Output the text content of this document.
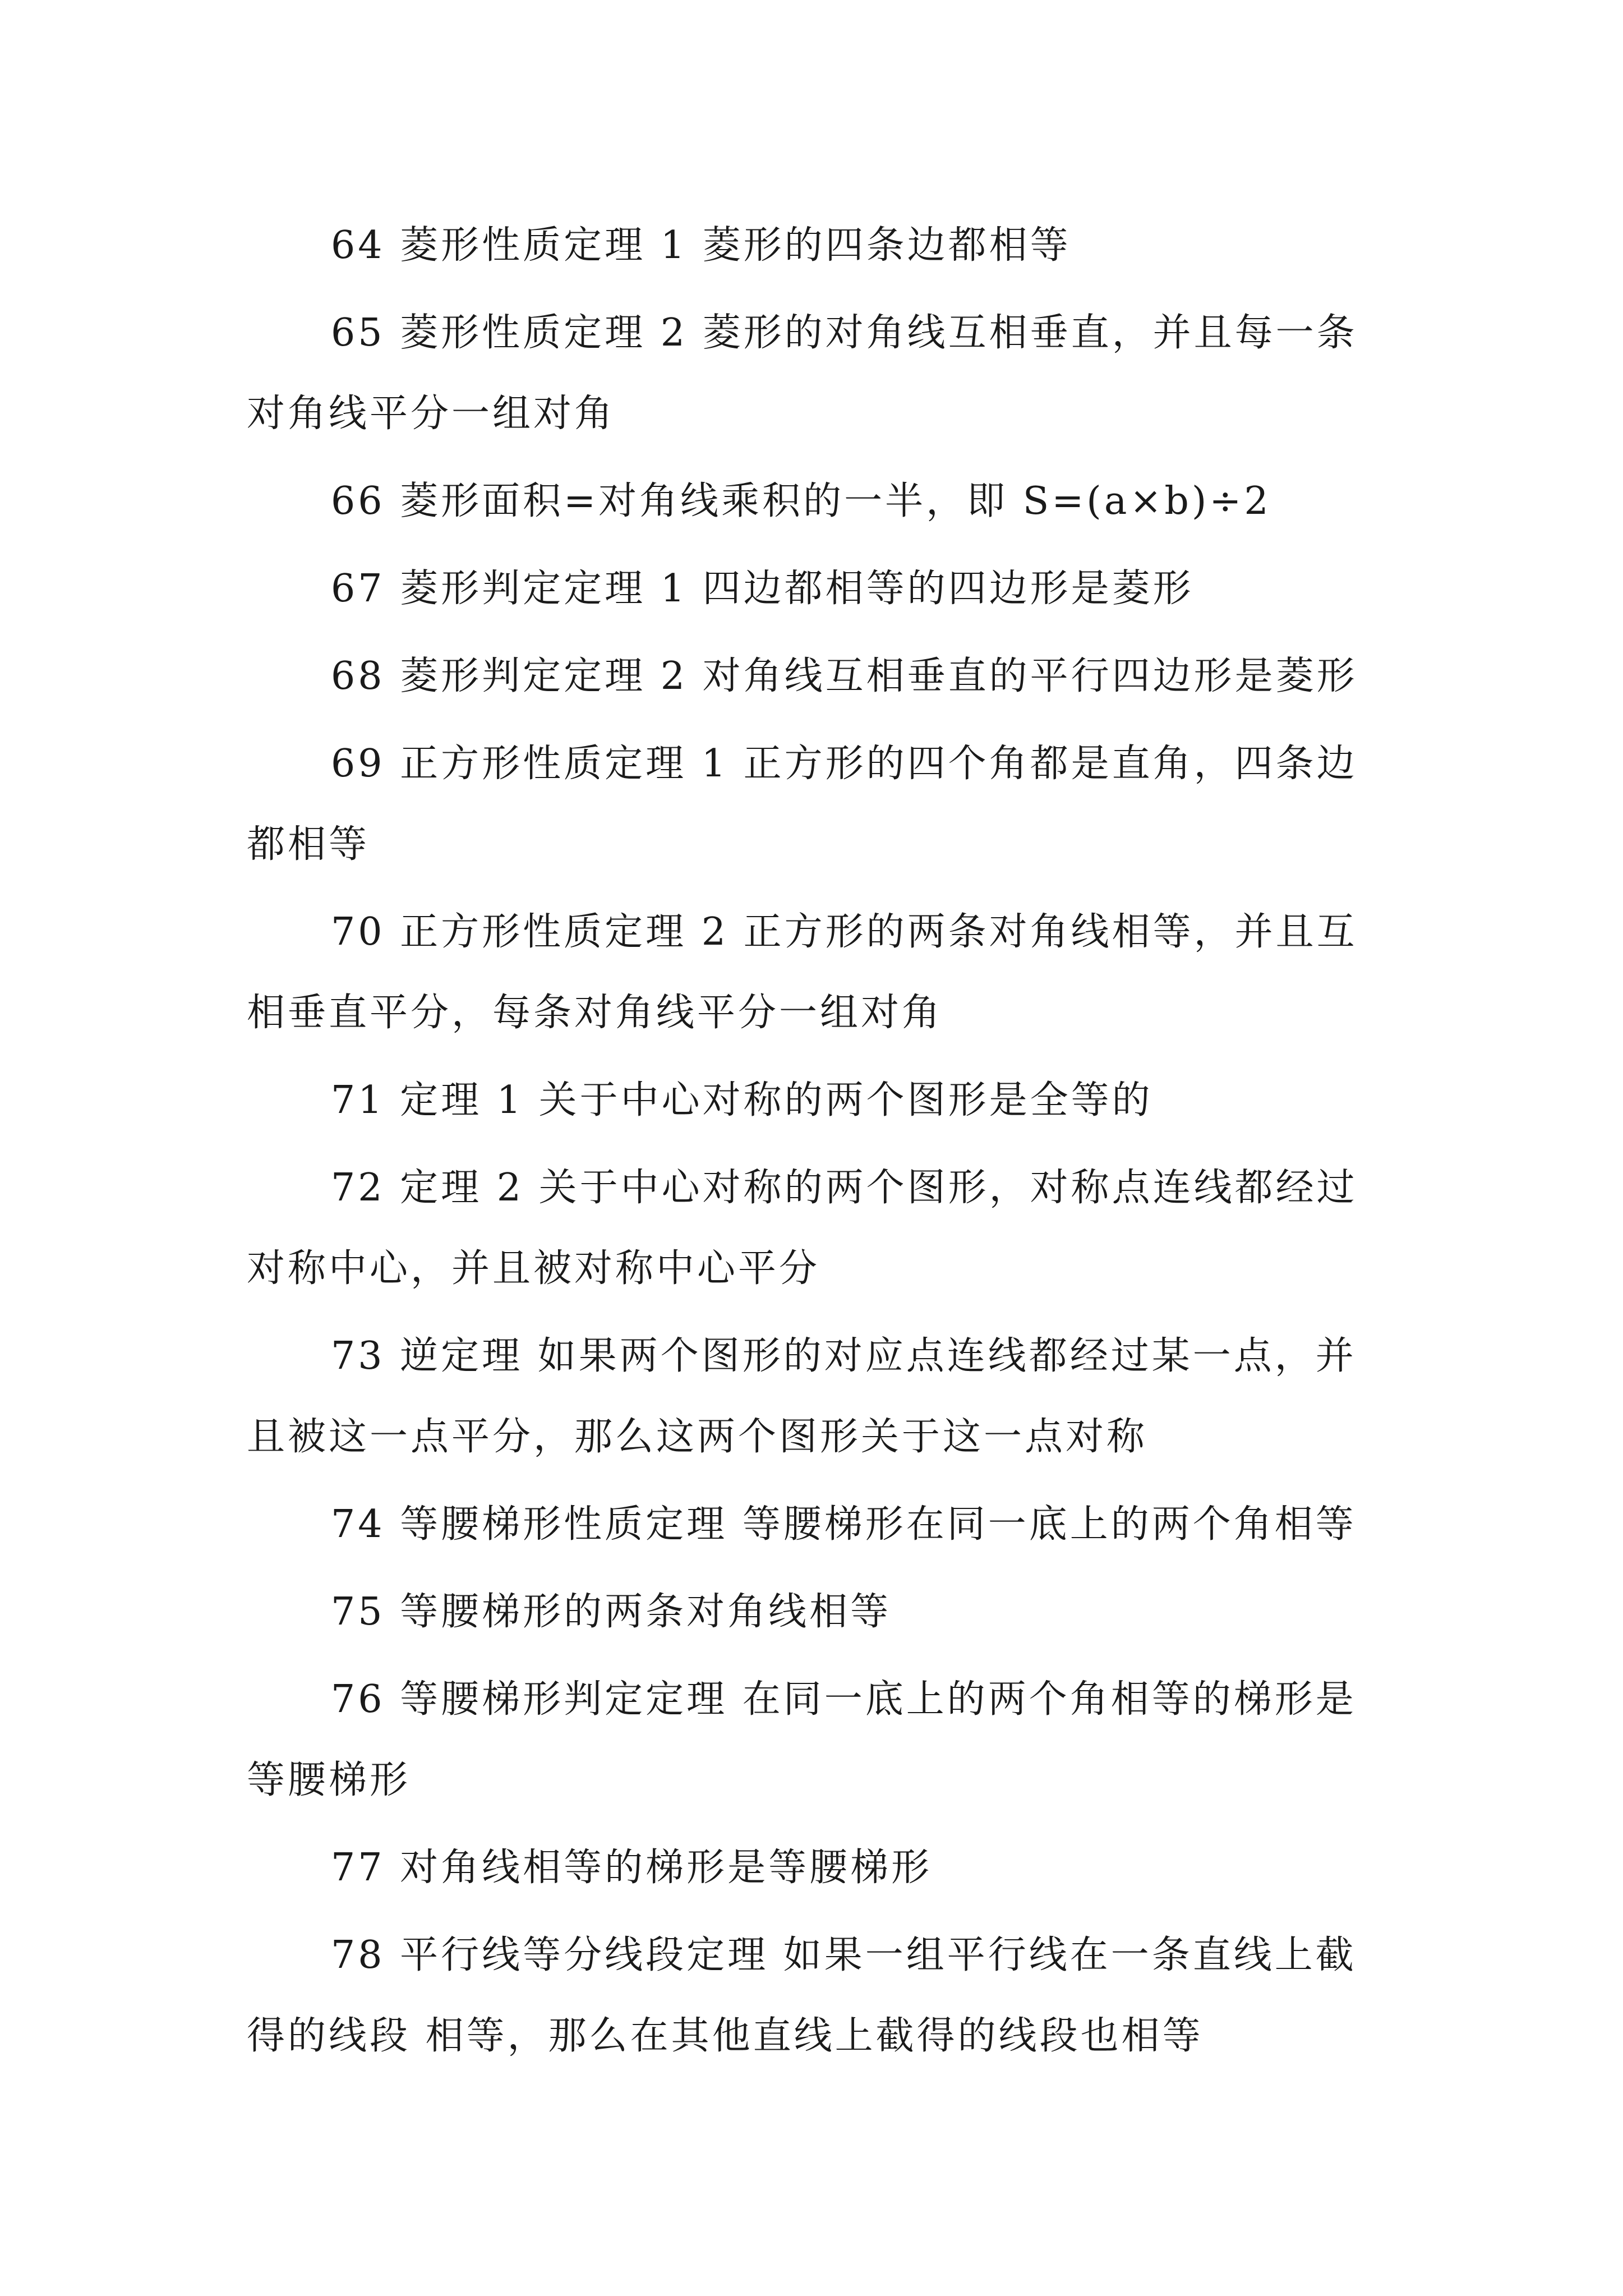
64 菱形性质定理 1 菱形的四条边都相等

65 菱形性质定理 2 菱形的对角线互相垂直，并且每一条对角线平分一组对角

66 菱形面积=对角线乘积的一半，即 S=(a×b)÷2

67 菱形判定定理 1 四边都相等的四边形是菱形

68 菱形判定定理 2 对角线互相垂直的平行四边形是菱形

69 正方形性质定理 1 正方形的四个角都是直角，四条边都相等

70 正方形性质定理 2 正方形的两条对角线相等，并且互相垂直平分，每条对角线平分一组对角

71 定理 1 关于中心对称的两个图形是全等的

72 定理 2 关于中心对称的两个图形，对称点连线都经过对称中心，并且被对称中心平分

73 逆定理 如果两个图形的对应点连线都经过某一点，并且被这一点平分，那么这两个图形关于这一点对称

74 等腰梯形性质定理 等腰梯形在同一底上的两个角相等

75 等腰梯形的两条对角线相等

76 等腰梯形判定定理 在同一底上的两个角相等的梯形是等腰梯形

77 对角线相等的梯形是等腰梯形

78 平行线等分线段定理 如果一组平行线在一条直线上截得的线段 相等，那么在其他直线上截得的线段也相等
